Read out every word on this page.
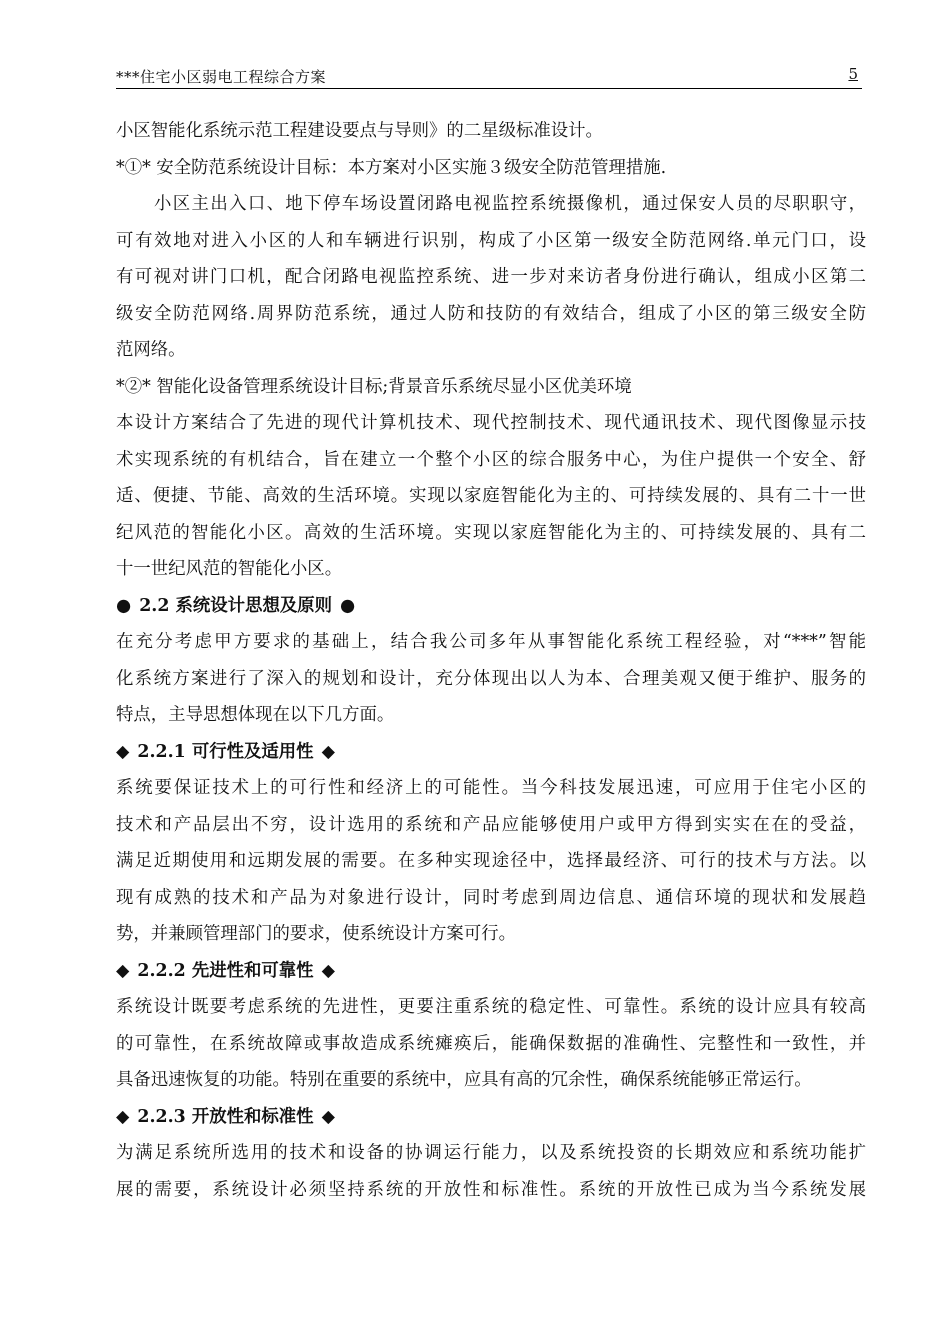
***住宅小区弱电工程综合方案	5
小区智能化系统示范工程建设要点与导则》的二星级标准设计。
*①* 安全防范系统设计目标：本方案对小区实施３级安全防范管理措施.
小区主出入口、地下停车场设置闭路电视监控系统摄像机，通过保安人员的尽职职守，
可有效地对进入小区的人和车辆进行识别，构成了小区第一级安全防范网络.单元门口，设
有可视对讲门口机，配合闭路电视监控系统、进一步对来访者身份进行确认，组成小区第二
级安全防范网络.周界防范系统，通过人防和技防的有效结合，组成了小区的第三级安全防
范网络。
*②* 智能化设备管理系统设计目标;背景音乐系统尽显小区优美环境
本设计方案结合了先进的现代计算机技术、现代控制技术、现代通讯技术、现代图像显示技
术实现系统的有机结合，旨在建立一个整个小区的综合服务中心，为住户提供一个安全、舒
适、便捷、节能、高效的生活环境。实现以家庭智能化为主的、可持续发展的、具有二十一世
纪风范的智能化小区。高效的生活环境。实现以家庭智能化为主的、可持续发展的、具有二
十一世纪风范的智能化小区。
● 2.2 系统设计思想及原则 ●
在充分考虑甲方要求的基础上，结合我公司多年从事智能化系统工程经验，对“***”智能
化系统方案进行了深入的规划和设计，充分体现出以人为本、合理美观又便于维护、服务的
特点，主导思想体现在以下几方面。
◆ 2.2.1 可行性及适用性 ◆
系统要保证技术上的可行性和经济上的可能性。当今科技发展迅速，可应用于住宅小区的
技术和产品层出不穷，设计选用的系统和产品应能够使用户或甲方得到实实在在的受益，
满足近期使用和远期发展的需要。在多种实现途径中，选择最经济、可行的技术与方法。以
现有成熟的技术和产品为对象进行设计，同时考虑到周边信息、通信环境的现状和发展趋
势，并兼顾管理部门的要求，使系统设计方案可行。
◆ 2.2.2 先进性和可靠性 ◆
系统设计既要考虑系统的先进性，更要注重系统的稳定性、可靠性。系统的设计应具有较高
的可靠性，在系统故障或事故造成系统瘫痪后，能确保数据的准确性、完整性和一致性，并
具备迅速恢复的功能。特别在重要的系统中，应具有高的冗余性，确保系统能够正常运行。
◆ 2.2.3 开放性和标准性 ◆
为满足系统所选用的技术和设备的协调运行能力，以及系统投资的长期效应和系统功能扩
展的需要，系统设计必须坚持系统的开放性和标准性。系统的开放性已成为当今系统发展
